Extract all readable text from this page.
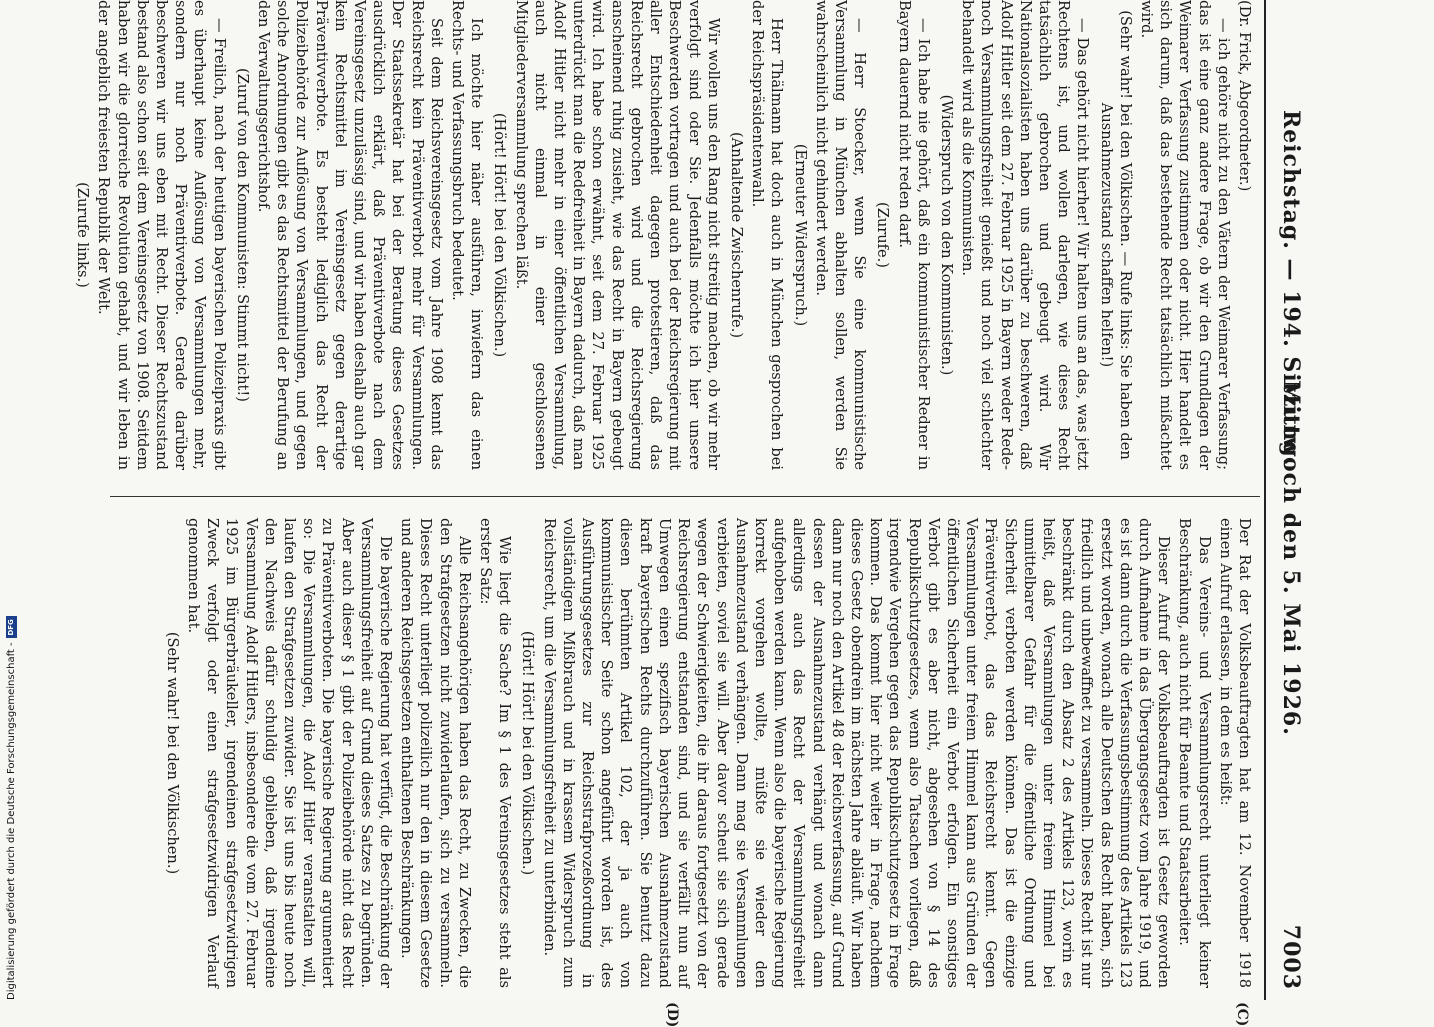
Reichstag. — 194. Sitzung.
Mittwoch den 5. Mai 1926.
7003
(C)
(D)

(Dr. Frick, Abgeordneter.)

— ich gehöre nicht zu den Vätern der Weimarer Verfassung; das ist eine ganz andere Frage, ob wir den Grundlagen der Weimarer Verfassung zustimmen oder nicht. Hier handelt es sich darum, daß das bestehende Recht tatsächlich mißachtet wird.

(Sehr wahr! bei den Völkischen. — Rufe links: Sie haben den Ausnahmezustand schaffen helfen!)

— Das gehört nicht hierher! Wir halten uns an das, was jetzt Rechtens ist, und wollen darlegen, wie dieses Recht tatsächlich gebrochen und gebeugt wird. Wir Nationalsozialisten haben uns darüber zu beschweren, daß Adolf Hitler seit dem 27. Februar 1925 in Bayern weder Rede- noch Versammlungsfreiheit genießt und noch viel schlechter behandelt wird als die Kommunisten.

(Widerspruch von den Kommunisten.)

— Ich habe nie gehört, daß ein kommunistischer Redner in Bayern dauernd nicht reden darf.

(Zurufe.)

— Herr Stoecker, wenn Sie eine kommunistische Versammlung in München abhalten sollen, werden Sie wahrscheinlich nicht gehindert werden.

(Erneuter Widerspruch.)

Herr Thälmann hat doch auch in München gesprochen bei der Reichspräsidentenwahl.

(Anhaltende Zwischenrufe.)

Wir wollen uns den Rang nicht streitig machen, ob wir mehr verfolgt sind oder Sie. Jedenfalls möchte ich hier unsere Beschwerden vortragen und auch bei der Reichsregierung mit aller Entschiedenheit dagegen protestieren, daß das Reichsrecht gebrochen wird und die Reichsregierung anscheinend ruhig zusieht, wie das Recht in Bayern gebeugt wird. Ich habe schon erwähnt, seit dem 27. Februar 1925 unterdrückt man die Redefreiheit in Bayern dadurch, daß man Adolf Hitler nicht mehr in einer öffentlichen Versammlung, auch nicht einmal in einer geschlossenen Mitgliederversammlung sprechen läßt.

(Hört! Hört! bei den Völkischen.)

Ich möchte hier näher ausführen, inwiefern das einen Rechts- und Verfassungsbruch bedeutet.

Seit dem Reichsvereinsgesetz vom Jahre 1908 kennt das Reichsrecht kein Präventivverbot mehr für Versammlungen. Der Staatssekretär hat bei der Beratung dieses Gesetzes ausdrücklich erklärt, daß Präventivverbote nach dem Vereinsgesetz unzulässig sind, und wir haben deshalb auch gar kein Rechtsmittel im Vereinsgesetz gegen derartige Präventivverbote. Es besteht lediglich das Recht der Polizeibehörde zur Auflösung von Versammlungen, und gegen solche Anordnungen gibt es das Rechtsmittel der Berufung an den Verwaltungsgerichtshof.

(Zuruf von den Kommunisten: Stimmt nicht!)

— Freilich, nach der heutigen bayerischen Polizeipraxis gibt es überhaupt keine Auflösung von Versammlungen mehr, sondern nur noch Präventivverbote. Gerade darüber beschweren wir uns eben mit Recht. Dieser Rechtszustand bestand also schon seit dem Vereinsgesetz von 1908. Seitdem haben wir die glorreiche Revolution gehabt, und wir leben in der angeblich freiesten Republik der Welt.

(Zurufe links.)

Der Rat der Volksbeauftragten hat am 12. November 1918 einen Aufruf erlassen, in dem es heißt:

Das Vereins- und Versammlungsrecht unterliegt keiner Beschränkung, auch nicht für Beamte und Staatsarbeiter.

Dieser Aufruf der Volksbeauftragten ist Gesetz geworden durch Aufnahme in das Übergangsgesetz vom Jahre 1919, und es ist dann durch die Verfassungsbestimmung des Artikels 123 ersetzt worden, wonach alle Deutschen das Recht haben, sich friedlich und unbewaffnet zu versammeln. Dieses Recht ist nur beschränkt durch den Absatz 2 des Artikels 123, worin es heißt, daß Versammlungen unter freiem Himmel bei unmittelbarer Gefahr für die öffentliche Ordnung und Sicherheit verboten werden können. Das ist die einzige Präventivverbot, das das Reichsrecht kennt. Gegen Versammlungen unter freiem Himmel kann aus Gründen der öffentlichen Sicherheit ein Verbot erfolgen. Ein sonstiges Verbot gibt es aber nicht, abgesehen von § 14 des Republikschutzgesetzes, wenn also Tatsachen vorliegen, daß irgendwie Vergehen gegen das Republikschutzgesetz in Frage kommen. Das kommt hier nicht weiter in Frage, nachdem dieses Gesetz obendrein im nächsten Jahre abläuft. Wir haben dann nur noch den Artikel 48 der Reichsverfassung, auf Grund dessen der Ausnahmezustand verhängt und wonach dann allerdings auch das Recht der Versammlungsfreiheit aufgehoben werden kann. Wenn also die bayerische Regierung korrekt vorgehen wollte, müßte sie wieder den Ausnahmezustand verhängen. Dann mag sie Versammlungen verbieten, soviel sie will. Aber davor scheut sie sich gerade wegen der Schwierigkeiten, die ihr daraus fortgesetzt von der Reichsregierung entstanden sind, und sie verfällt nun auf Umwegen einen spezifisch bayerischen Ausnahmezustand kraft bayerischen Rechts durchzuführen. Sie benutzt dazu diesen berühmten Artikel 102, der ja auch von kommunistischer Seite schon angeführt worden ist, des Ausführungsgesetzes zur Reichsstrafprozeßordnung in vollständigem Mißbrauch und in krassem Widerspruch zum Reichsrecht, um die Versammlungsfreiheit zu unterbinden.

(Hört! Hört! bei den Völkischen.)

Wie liegt die Sache? Im § 1 des Vereinsgesetzes steht als erster Satz:

Alle Reichsangehörigen haben das Recht, zu Zwecken, die den Strafgesetzen nicht zuwiderlaufen, sich zu versammeln. Dieses Recht unterliegt polizeilich nur den in diesem Gesetze und anderen Reichsgesetzen enthaltenen Beschränkungen.

Die bayerische Regierung hat verfügt, die Beschränkung der Versammlungsfreiheit auf Grund dieses Satzes zu begründen. Aber auch dieser § 1 gibt der Polizeibehörde nicht das Recht zu Präventivverboten. Die bayerische Regierung argumentiert so: Die Versammlungen, die Adolf Hitler veranstalten will, laufen den Strafgesetzen zuwider. Sie ist uns bis heute noch den Nachweis dafür schuldig geblieben, daß irgendeine Versammlung Adolf Hitlers, insbesondere die vom 27. Februar 1925 im Bürgerbräukeller, irgendeinen strafgesetzwidrigen Zweck verfolgt oder einen strafgesetzwidrigen Verlauf genommen hat.

(Sehr wahr! bei den Völkischen.)

Digitalisierung gefördert durch die Deutsche Forschungsgemeinschaft -
DFG
